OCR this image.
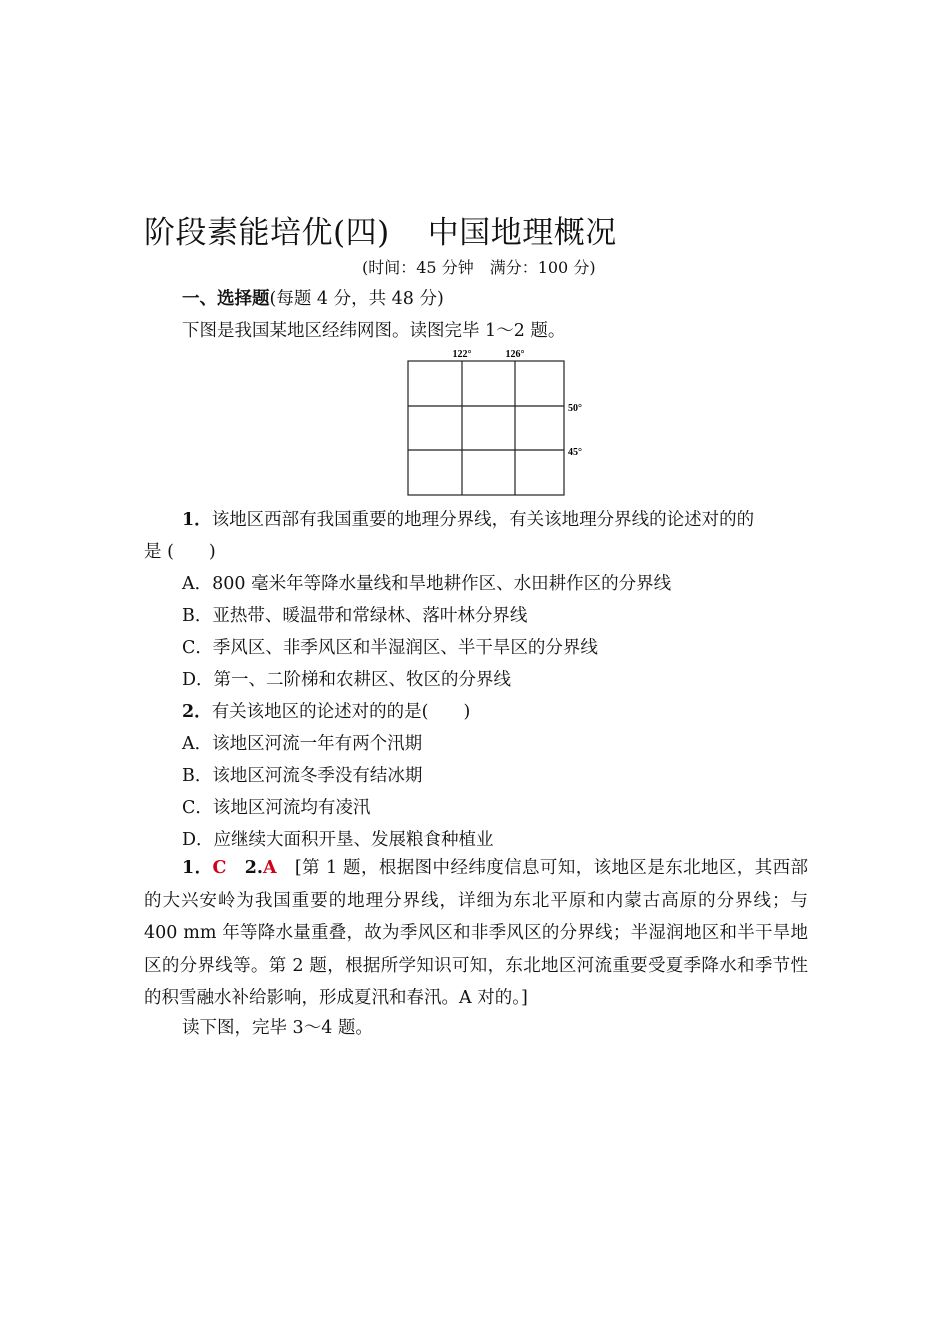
阶段素能培优(四) 中国地理概况
(时间：45 分钟　满分：100 分)
一、选择题(每题 4 分，共 48 分)
下图是我国某地区经纬网图。读图完毕 1～2 题。
122°	126°
50°
45°
1．该地区西部有我国重要的地理分界线，有关该地理分界线的论述对的的
是 (　　)
A．800 毫米年等降水量线和旱地耕作区、水田耕作区的分界线
B．亚热带、暖温带和常绿林、落叶林分界线
C．季风区、非季风区和半湿润区、半干旱区的分界线
D．第一、二阶梯和农耕区、牧区的分界线
2．有关该地区的论述对的的是(　　)
A．该地区河流一年有两个汛期
B．该地区河流冬季没有结冰期
C．该地区河流均有凌汛
D．应继续大面积开垦、发展粮食种植业

1．C　 2.A　 [第 1 题，根据图中经纬度信息可知，该地区是东北地区，其西部的大兴安岭为我国重要的地理分界线，详细为东北平原和内蒙古高原的分界线；与 400 mm 年等降水量重叠，故为季风区和非季风区的分界线；半湿润地区和半干旱地区的分界线等。第 2 题，根据所学知识可知，东北地区河流重要受夏季降水和季节性的积雪融水补给影响，形成夏汛和春汛。A 对的。]

读下图，完毕 3～4 题。
